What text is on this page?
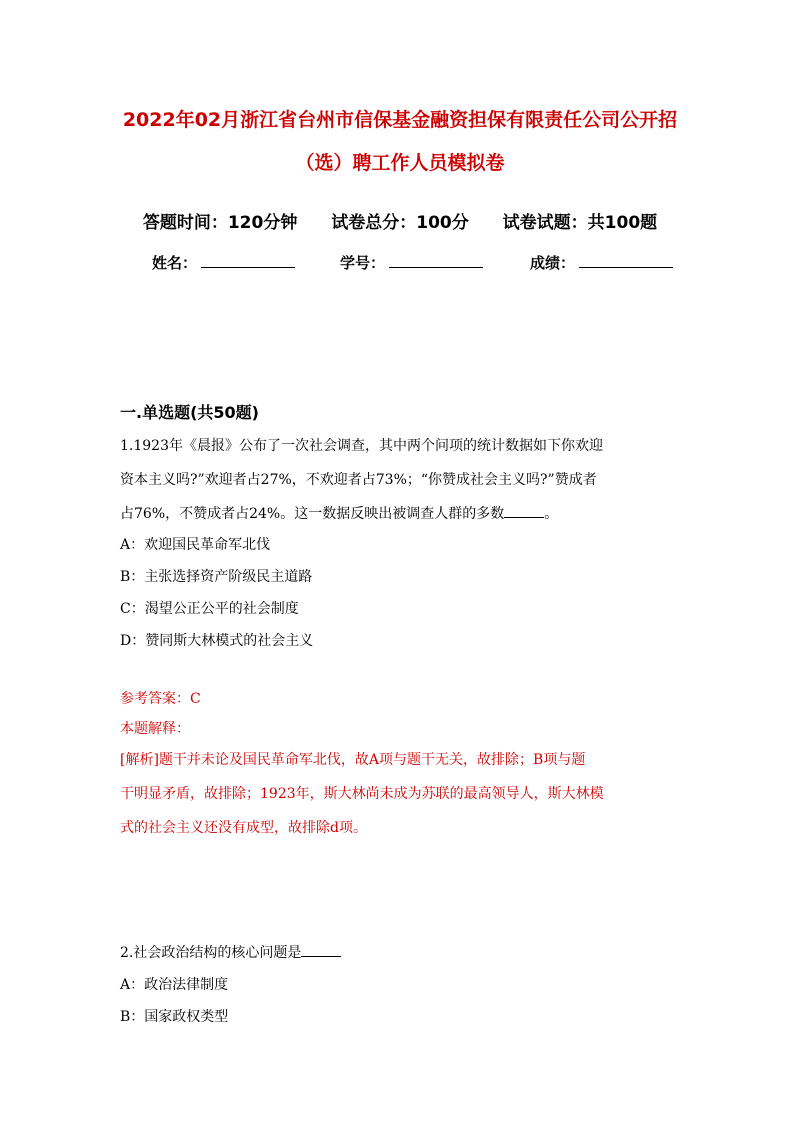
2022年02月浙江省台州市信保基金融资担保有限责任公司公开招
（选）聘工作人员模拟卷
答题时间：120分钟 试卷总分：100分 试卷试题：共100题
姓名：	学号：	成绩：
一.单选题(共50题)
1.1923年《晨报》公布了一次社会调查，其中两个问项的统计数据如下你欢迎
资本主义吗?”欢迎者占27%，不欢迎者占73%；“你赞成社会主义吗?”赞成者
占76%，不赞成者占24%。这一数据反映出被调查人群的多数	。
A：欢迎国民革命军北伐
B：主张选择资产阶级民主道路
C：渴望公正公平的社会制度
D：赞同斯大林模式的社会主义
参考答案：C
本题解释：
[解析]题干并未论及国民革命军北伐，故A项与题干无关，故排除；B项与题
干明显矛盾，故排除；1923年，斯大林尚未成为苏联的最高领导人，斯大林模
式的社会主义还没有成型，故排除d项。
2.社会政治结构的核心问题是
A：政治法律制度
B：国家政权类型
